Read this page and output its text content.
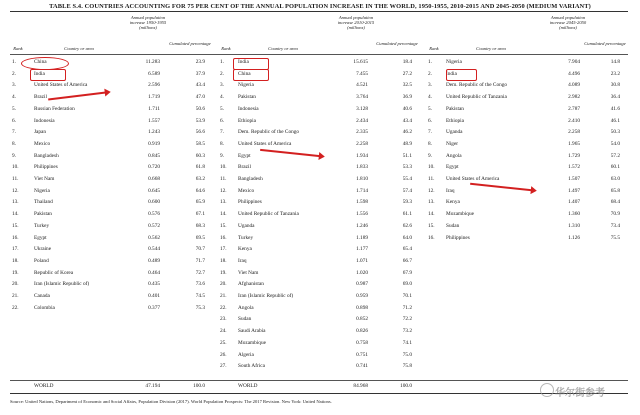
TABLE S.4. COUNTRIES ACCOUNTING FOR 75 PER CENT OF THE ANNUAL POPULATION INCREASE IN THE WORLD, 1950-1955, 2010-2015 AND 2045-2050 (MEDIUM VARIANT)
Rank	Country or area
Annual population increase 1950-1955 (millions)
Cumulated percentage
Rank	Country or area
Annual population increase 2010-2015 (millions)
Cumulated percentage
Rank	Country or area
Annual population increase 2045-2050 (millions)
Cumulated percentage
1.	China	11.283	23.9
2.	India	6.589	37.9
3.	United States of America	2.596	43.4
4.	Brazil	1.719	47.0
5.	Russian Federation	1.711	50.6
6.	Indonesia	1.557	53.9
7.	Japan	1.243	56.6
8.	Mexico	0.919	58.5
9.	Bangladesh	0.845	60.3
10.	Philippines	0.720	61.8
11.	Viet Nam	0.668	63.2
12.	Nigeria	0.645	64.6
13.	Thailand	0.600	65.9
14.	Pakistan	0.576	67.1
15.	Turkey	0.572	68.3
16.	Egypt	0.562	69.5
17.	Ukraine	0.544	70.7
18.	Poland	0.489	71.7
19.	Republic of Korea	0.464	72.7
20.	Iran (Islamic Republic of)	0.435	73.6
21.	Canada	0.401	74.5
22.	Colombia	0.377	75.3
1.	India	15.615	18.4
2.	China	7.455	27.2
3.	Nigeria	4.521	32.5
4.	Pakistan	3.764	36.9
5.	Indonesia	3.128	40.6
6.	Ethiopia	2.434	43.4
7.	Dem. Republic of the Congo	2.335	46.2
8.	United States of America	2.258	48.9
9.	Egypt	1.934	51.1
10.	Brazil	1.833	53.3
11.	Bangladesh	1.810	55.4
12.	Mexico	1.714	57.4
13.	Philippines	1.598	59.3
14.	United Republic of Tanzania	1.556	61.1
15.	Uganda	1.246	62.6
16.	Turkey	1.189	64.0
17.	Kenya	1.177	65.4
18.	Iraq	1.071	66.7
19.	Viet Nam	1.020	67.9
20.	Afghanistan	0.987	69.0
21.	Iran (Islamic Republic of)	0.959	70.1
22.	Angola	0.898	71.2
23.	Sudan	0.852	72.2
24.	Saudi Arabia	0.826	73.2
25.	Mozambique	0.758	74.1
26.	Algeria	0.751	75.0
27.	South Africa	0.741	75.8
1.	Nigeria	7.904	14.8
2.	India	4.496	23.2
3.	Dem. Republic of the Congo	4.089	30.8
4.	United Republic of Tanzania	2.982	36.4
5.	Pakistan	2.787	41.6
6.	Ethiopia	2.410	46.1
7.	Uganda	2.258	50.3
8.	Niger	1.965	54.0
9.	Angola	1.729	57.2
10.	Egypt	1.572	60.1
11.	United States of America	1.507	63.0
12.	Iraq	1.497	65.8
13.	Kenya	1.407	68.4
14.	Mozambique	1.360	70.9
15.	Sudan	1.310	73.4
16.	Philippines	1.126	75.5
WORLD	47.194	100.0	WORLD	84.968	100.0
Source: United Nations, Department of Economic and Social Affairs, Population Division (2017). World Population Prospects: The 2017 Revision. New York: United Nations.
华尔街参考
